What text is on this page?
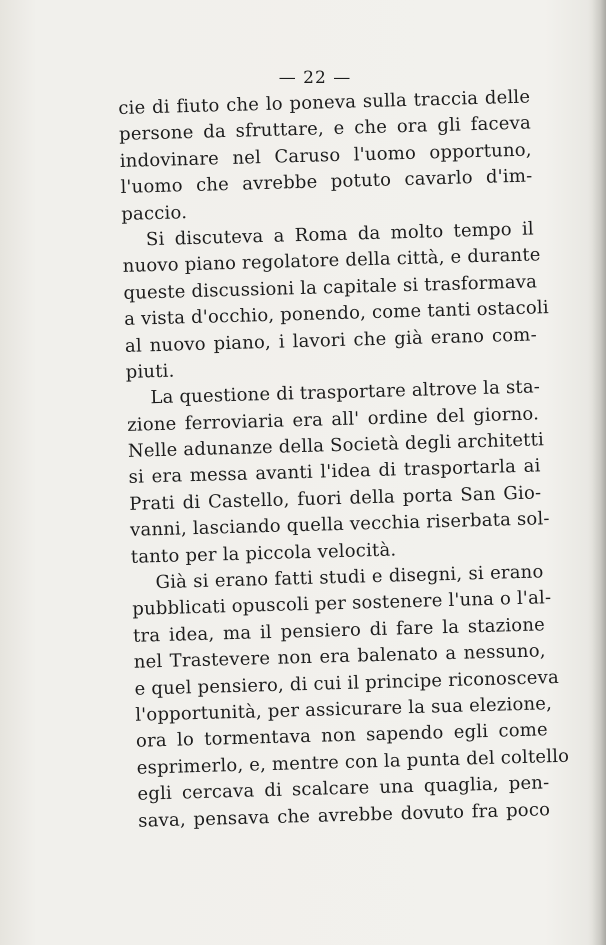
— 22 —
cie di fiuto che lo poneva sulla traccia delle
persone da sfruttare, e che ora gli faceva
indovinare nel Caruso l'uomo opportuno,
l'uomo che avrebbe potuto cavarlo d'im-
paccio.
Si discuteva a Roma da molto tempo il
nuovo piano regolatore della città, e durante
queste discussioni la capitale si trasformava
a vista d'occhio, ponendo, come tanti ostacoli
al nuovo piano, i lavori che già erano com-
piuti.
La questione di trasportare altrove la sta-
zione ferroviaria era all' ordine del giorno.
Nelle adunanze della Società degli architetti
si era messa avanti l'idea di trasportarla ai
Prati di Castello, fuori della porta San Gio-
vanni, lasciando quella vecchia riserbata sol-
tanto per la piccola velocità.
Già si erano fatti studi e disegni, si erano
pubblicati opuscoli per sostenere l'una o l'al-
tra idea, ma il pensiero di fare la stazione
nel Trastevere non era balenato a nessuno,
e quel pensiero, di cui il principe riconosceva
l'opportunità, per assicurare la sua elezione,
ora lo tormentava non sapendo egli come
esprimerlo, e, mentre con la punta del coltello
egli cercava di scalcare una quaglia, pen-
sava, pensava che avrebbe dovuto fra poco
